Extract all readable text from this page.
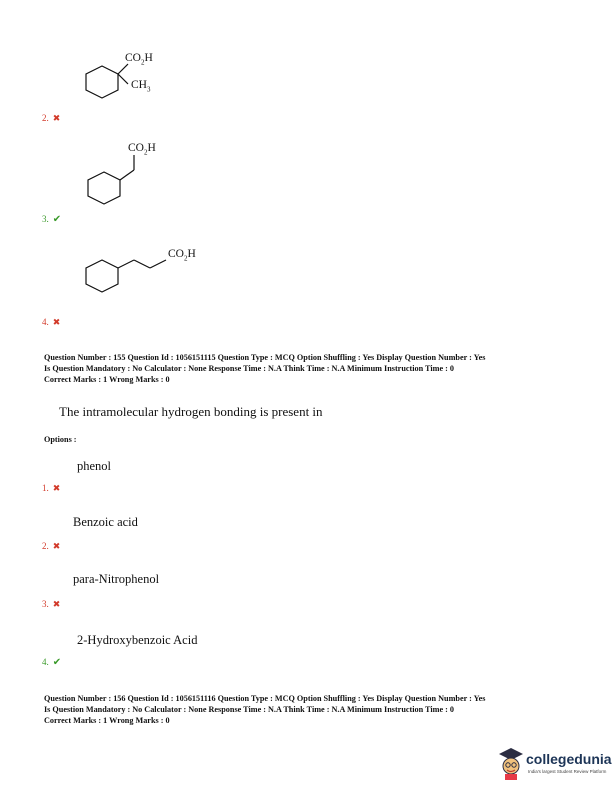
$CO_2H$
$CH_3$
2. ✖
$CO_2H$
3. ✔
$CO_2H$
4. ✖
Question Number : 155 Question Id : 1056151115 Question Type : MCQ Option Shuffling : Yes Display Question Number : Yes
Is Question Mandatory : No Calculator : None Response Time : N.A Think Time : N.A Minimum Instruction Time : 0
Correct Marks : 1 Wrong Marks : 0
The intramolecular hydrogen bonding is present in
Options :
phenol
1. ✖
Benzoic acid
2. ✖
para-Nitrophenol
3. ✖
2-Hydroxybenzoic Acid
4. ✔
Question Number : 156 Question Id : 1056151116 Question Type : MCQ Option Shuffling : Yes Display Question Number : Yes
Is Question Mandatory : No Calculator : None Response Time : N.A Think Time : N.A Minimum Instruction Time : 0
Correct Marks : 1 Wrong Marks : 0
collegedunia
India's largest Student Review Platform
